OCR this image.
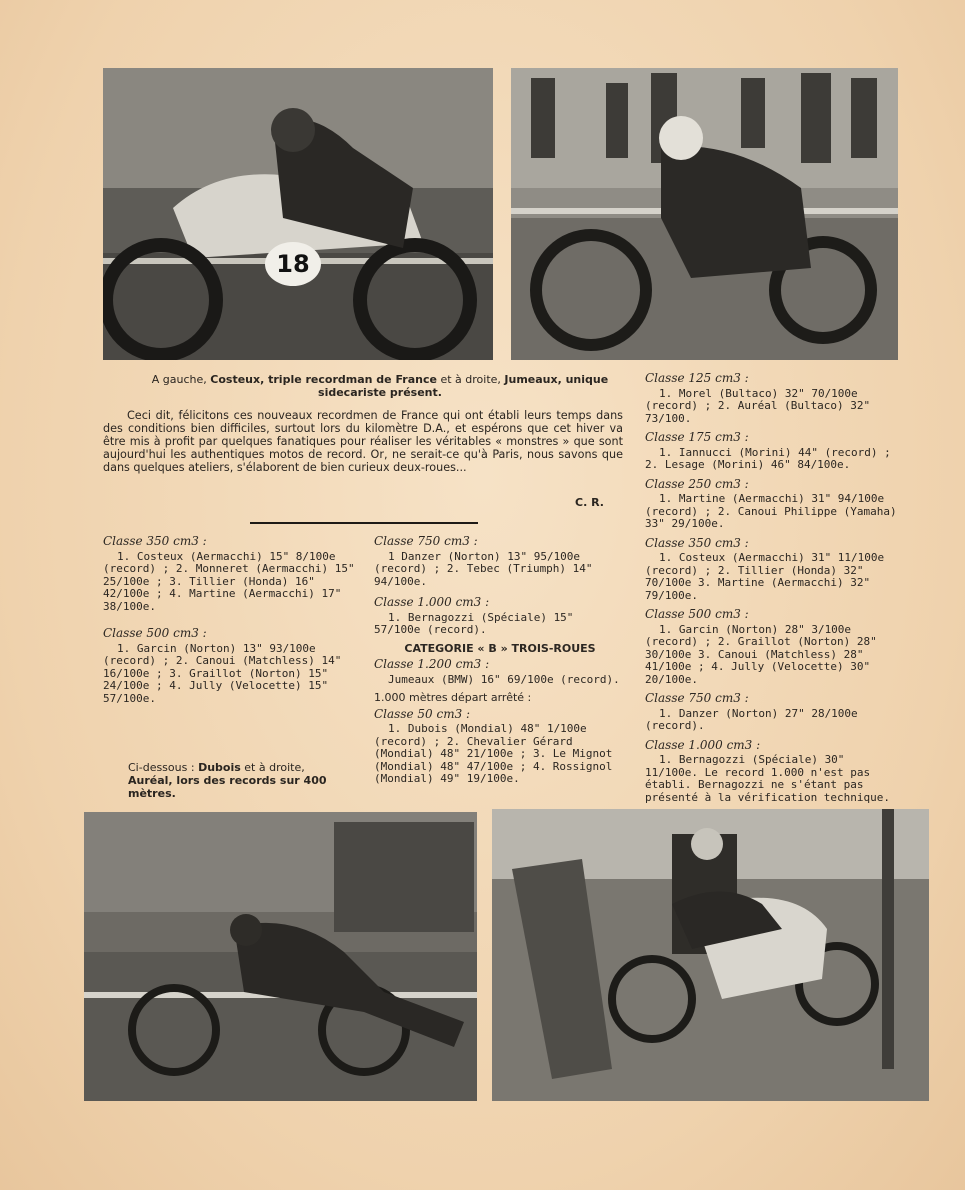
18
A gauche, Costeux, triple recordman de France et à droite, Jumeaux, unique sidecariste présent.
Ceci dit, félicitons ces nouveaux recordmen de France qui ont établi leurs temps dans des conditions bien difficiles, surtout lors du kilomètre D.A., et espérons que cet hiver va être mis à profit par quelques fanatiques pour réaliser les véritables « monstres » que sont aujourd'hui les authentiques motos de record. Or, ne serait-ce qu'à Paris, nous savons que dans quelques ateliers, s'élaborent de bien curieux deux-roues...
C. R.
Classe 350 cm3 :
1. Costeux (Aermacchi) 15" 8/100e (record) ; 2. Monneret (Aermacchi) 15" 25/100e ; 3. Tillier (Honda) 16" 42/100e ; 4. Martine (Aermacchi) 17" 38/100e.
Classe 500 cm3 :
1. Garcin (Norton) 13" 93/100e (record) ; 2. Canoui (Matchless) 14" 16/100e ; 3. Graillot (Norton) 15" 24/100e ; 4. Jully (Velocette) 15" 57/100e.
Ci-dessous : Dubois et à droite, Auréal, lors des records sur 400 mètres.
Classe 750 cm3 :
1 Danzer (Norton) 13" 95/100e (record) ; 2. Tebec (Triumph) 14" 94/100e.
Classe 1.000 cm3 :
1. Bernagozzi (Spéciale) 15" 57/100e (record).
CATEGORIE « B » TROIS-ROUES
Classe 1.200 cm3 :
Jumeaux (BMW) 16" 69/100e (record).
1.000 mètres départ arrêté :
Classe 50 cm3 :
1. Dubois (Mondial) 48" 1/100e (record) ; 2. Chevalier Gérard (Mondial) 48" 21/100e ; 3. Le Mignot (Mondial) 48" 47/100e ; 4. Rossignol (Mondial) 49" 19/100e.
Classe 125 cm3 :
1. Morel (Bultaco) 32" 70/100e (record) ; 2. Auréal (Bultaco) 32" 73/100.
Classe 175 cm3 :
1. Iannucci (Morini) 44" (record) ; 2. Lesage (Morini) 46" 84/100e.
Classe 250 cm3 :
1. Martine (Aermacchi) 31" 94/100e (record) ; 2. Canoui Philippe (Yamaha) 33" 29/100e.
Classe 350 cm3 :
1. Costeux (Aermacchi) 31" 11/100e (record) ; 2. Tillier (Honda) 32" 70/100e 3. Martine (Aermacchi) 32" 79/100e.
Classe 500 cm3 :
1. Garcin (Norton) 28" 3/100e (record) ; 2. Graillot (Norton) 28" 30/100e 3. Canoui (Matchless) 28" 41/100e ; 4. Jully (Velocette) 30" 20/100e.
Classe 750 cm3 :
1. Danzer (Norton) 27" 28/100e (record).
Classe 1.000 cm3 :
1. Bernagozzi (Spéciale) 30" 11/100e. Le record 1.000 n'est pas établi. Bernagozzi ne s'étant pas présenté à la vérification technique.
